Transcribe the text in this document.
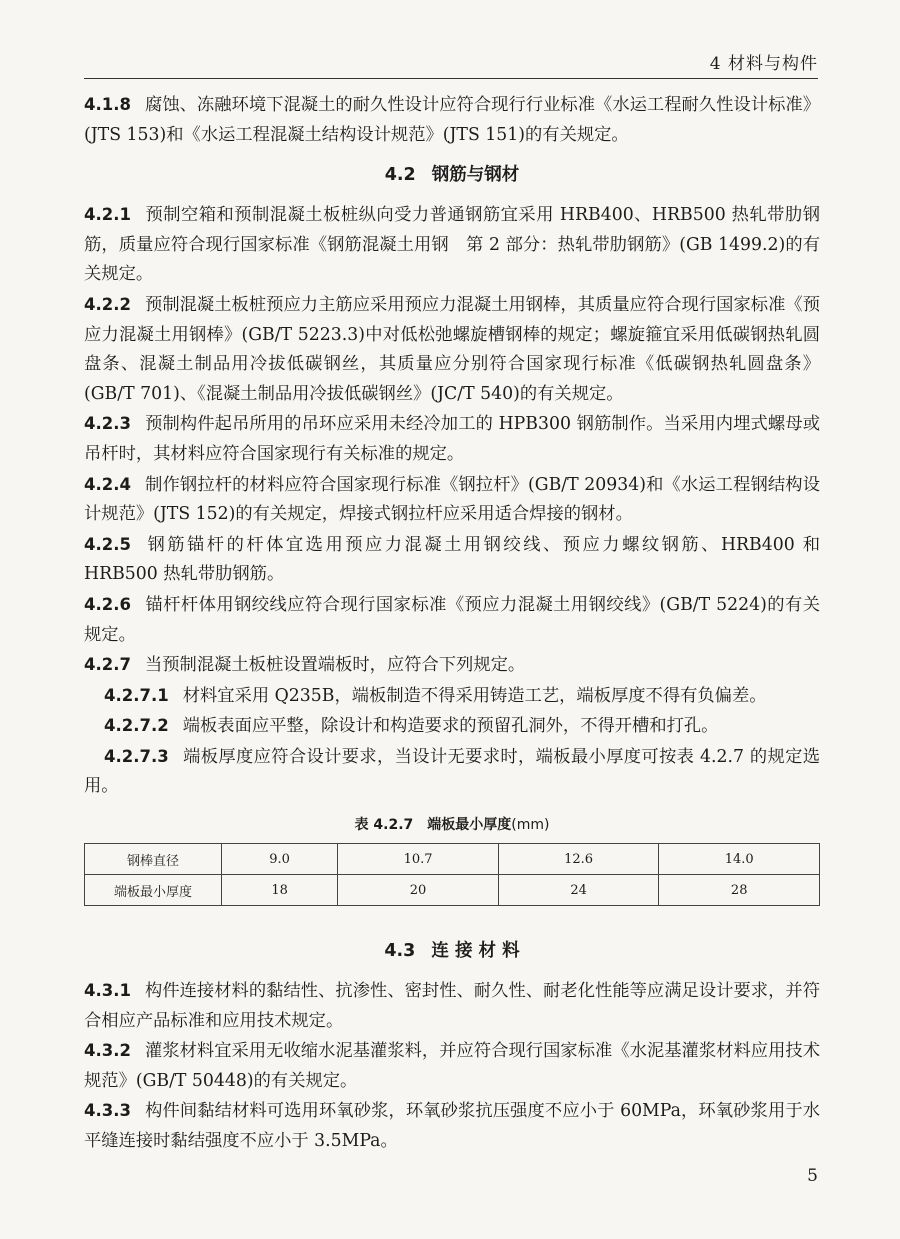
4 材料与构件

4.1.8 腐蚀、冻融环境下混凝土的耐久性设计应符合现行行业标准《水运工程耐久性设计标准》(JTS 153)和《水运工程混凝土结构设计规范》(JTS 151)的有关规定。

4.2 钢筋与钢材

4.2.1 预制空箱和预制混凝土板桩纵向受力普通钢筋宜采用 HRB400、HRB500 热轧带肋钢筋，质量应符合现行国家标准《钢筋混凝土用钢　第 2 部分：热轧带肋钢筋》(GB 1499.2)的有关规定。

4.2.2 预制混凝土板桩预应力主筋应采用预应力混凝土用钢棒，其质量应符合现行国家标准《预应力混凝土用钢棒》(GB/T 5223.3)中对低松弛螺旋槽钢棒的规定；螺旋箍宜采用低碳钢热轧圆盘条、混凝土制品用冷拔低碳钢丝，其质量应分别符合国家现行标准《低碳钢热轧圆盘条》(GB/T 701)、《混凝土制品用冷拔低碳钢丝》(JC/T 540)的有关规定。

4.2.3 预制构件起吊所用的吊环应采用未经冷加工的 HPB300 钢筋制作。当采用内埋式螺母或吊杆时，其材料应符合国家现行有关标准的规定。

4.2.4 制作钢拉杆的材料应符合国家现行标准《钢拉杆》(GB/T 20934)和《水运工程钢结构设计规范》(JTS 152)的有关规定，焊接式钢拉杆应采用适合焊接的钢材。

4.2.5 钢筋锚杆的杆体宜选用预应力混凝土用钢绞线、预应力螺纹钢筋、HRB400 和 HRB500 热轧带肋钢筋。

4.2.6 锚杆杆体用钢绞线应符合现行国家标准《预应力混凝土用钢绞线》(GB/T 5224)的有关规定。

4.2.7 当预制混凝土板桩设置端板时，应符合下列规定。

4.2.7.1 材料宜采用 Q235B，端板制造不得采用铸造工艺，端板厚度不得有负偏差。

4.2.7.2 端板表面应平整，除设计和构造要求的预留孔洞外，不得开槽和打孔。

4.2.7.3 端板厚度应符合设计要求，当设计无要求时，端板最小厚度可按表 4.2.7 的规定选用。

表 4.2.7 端板最小厚度(mm)
钢棒直径	9.0	10.7	12.6	14.0
端板最小厚度	18	20	24	28
4.3 连 接 材 料

4.3.1 构件连接材料的黏结性、抗渗性、密封性、耐久性、耐老化性能等应满足设计要求，并符合相应产品标准和应用技术规定。

4.3.2 灌浆材料宜采用无收缩水泥基灌浆料，并应符合现行国家标准《水泥基灌浆材料应用技术规范》(GB/T 50448)的有关规定。

4.3.3 构件间黏结材料可选用环氧砂浆，环氧砂浆抗压强度不应小于 60MPa，环氧砂浆用于水平缝连接时黏结强度不应小于 3.5MPa。

5
